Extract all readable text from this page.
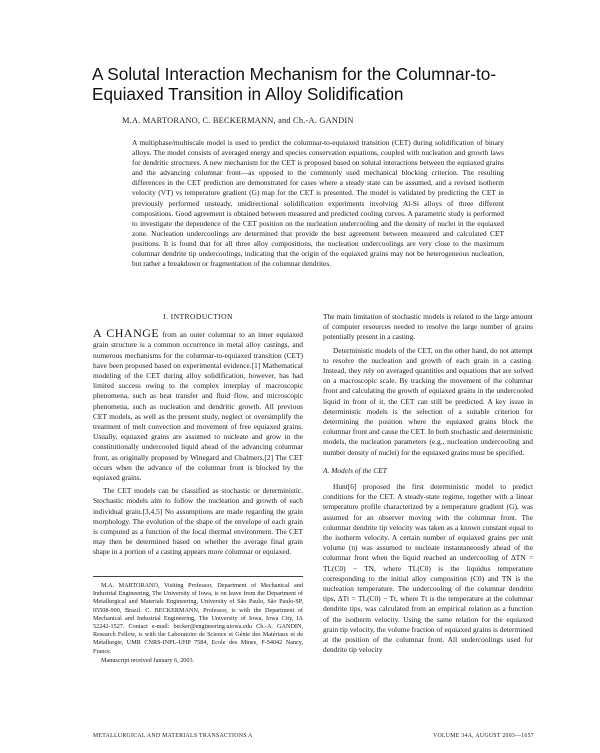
A Solutal Interaction Mechanism for the Columnar-to-Equiaxed Transition in Alloy Solidification
M.A. MARTORANO, C. BECKERMANN, and Ch.-A. GANDIN
A multiphase/multiscale model is used to predict the columnar-to-equiaxed transition (CET) during solidification of binary alloys. The model consists of averaged energy and species conservation equations, coupled with nucleation and growth laws for dendritic structures. A new mechanism for the CET is proposed based on solutal interactions between the equiaxed grains and the advancing columnar front—as opposed to the commonly used mechanical blocking criterion. The resulting differences in the CET prediction are demonstrated for cases where a steady state can be assumed, and a revised isotherm velocity (VT) vs temperature gradient (G) map for the CET is presented. The model is validated by predicting the CET in previously performed unsteady, unidirectional solidification experiments involving Al-Si alloys of three different compositions. Good agreement is obtained between measured and predicted cooling curves. A parametric study is performed to investigate the dependence of the CET position on the nucleation undercooling and the density of nuclei in the equiaxed zone. Nucleation undercoolings are determined that provide the best agreement between measured and calculated CET positions. It is found that for all three alloy compositions, the nucleation undercoolings are very close to the maximum columnar dendrite tip undercoolings, indicating that the origin of the equiaxed grains may not be heterogeneous nucleation, but rather a breakdown or fragmentation of the columnar dendrites.
I. INTRODUCTION

A CHANGE from an outer columnar to an inner equiaxed grain structure is a common occurrence in metal alloy castings, and numerous mechanisms for the columnar-to-equiaxed transition (CET) have been proposed based on experimental evidence.[1] Mathematical modeling of the CET during alloy solidification, however, has had limited success owing to the complex interplay of macroscopic phenomena, such as heat transfer and fluid flow, and microscopic phenomena, such as nucleation and dendritic growth. All previous CET models, as well as the present study, neglect or oversimplify the treatment of melt convection and movement of free equiaxed grains. Usually, equiaxed grains are assumed to nucleate and grow in the constitutionally undercooled liquid ahead of the advancing columnar front, as originally proposed by Winegard and Chalmers.[2] The CET occurs when the advance of the columnar front is blocked by the equiaxed grains.

The CET models can be classified as stochastic or deterministic. Stochastic models aim to follow the nucleation and growth of each individual grain.[3,4,5] No assumptions are made regarding the grain morphology. The evolution of the shape of the envelope of each grain is computed as a function of the local thermal environment. The CET may then be determined based on whether the average final grain shape in a portion of a casting appears more columnar or equiaxed.

The main limitation of stochastic models is related to the large amount of computer resources needed to resolve the large number of grains potentially present in a casting.

Deterministic models of the CET, on the other hand, do not attempt to resolve the nucleation and growth of each grain in a casting. Instead, they rely on averaged quantities and equations that are solved on a macroscopic scale. By tracking the movement of the columnar front and calculating the growth of equiaxed grains in the undercooled liquid in front of it, the CET can still be predicted. A key issue in deterministic models is the selection of a suitable criterion for determining the position where the equiaxed grains block the columnar front and cause the CET. In both stochastic and deterministic models, the nucleation parameters (e.g., nucleation undercooling and number density of nuclei) for the equiaxed grains must be specified.

A. Models of the CET

Hunt[6] proposed the first deterministic model to predict conditions for the CET. A steady-state regime, together with a linear temperature profile characterized by a temperature gradient (G), was assumed for an observer moving with the columnar front. The columnar dendrite tip velocity was taken as a known constant equal to the isotherm velocity. A certain number of equiaxed grains per unit volume (n) was assumed to nucleate instantaneously ahead of the columnar front when the liquid reached an undercooling of ΔTN = TL(C0) − TN, where TL(C0) is the liquidus temperature corresponding to the initial alloy composition (C0) and TN is the nucleation temperature. The undercooling of the columnar dendrite tips, ΔTt = TL(C0) − Tt, where Tt is the temperature at the columnar dendrite tips, was calculated from an empirical relation as a function of the isotherm velocity. Using the same relation for the equiaxed grain tip velocity, the volume fraction of equiaxed grains is determined at the position of the columnar front. All undercoolings used for dendrite tip velocity

M.A. MARTORANO, Visiting Professor, Department of Mechanical and Industrial Engineering, The University of Iowa, is on leave from the Department of Metallurgical and Materials Engineering, University of São Paulo, São Paulo-SP, 05508-900, Brazil. C. BECKERMANN, Professor, is with the Department of Mechanical and Industrial Engineering, The University of Iowa, Iowa City, IA 52242-1527. Contact e-mail: becker@engineering.uiowa.edu Ch.-A. GANDIN, Research Fellow, is with the Laboratoire de Science et Génie des Matériaux et de Métallurgie, UMR CNRS-INPL-UHP 7584, Ecole des Mines, F-54042 Nancy, France.

Manuscript received January 6, 2003.

METALLURGICAL AND MATERIALS TRANSACTIONS A	VOLUME 34A, AUGUST 2003—1657
